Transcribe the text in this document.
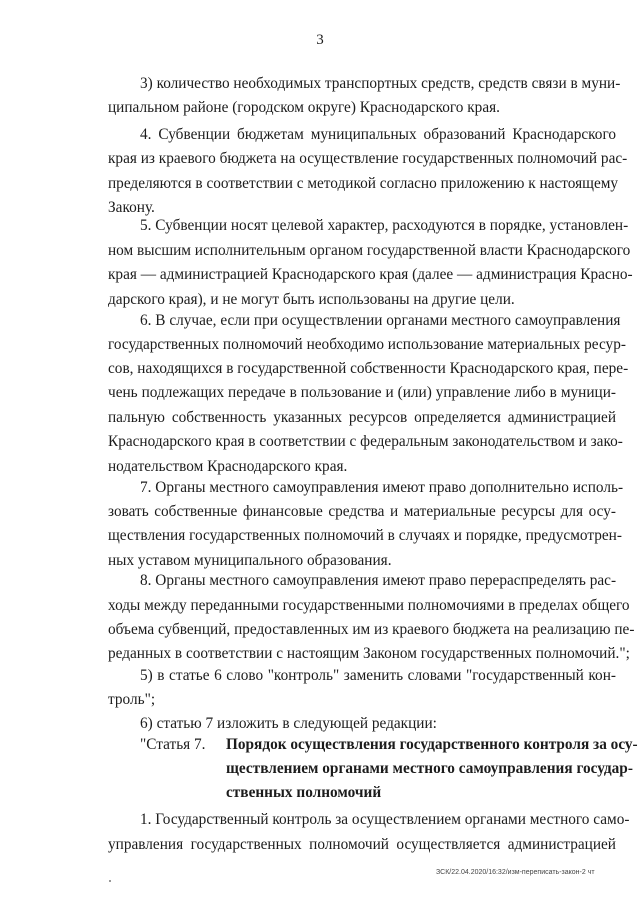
3
3) количество необходимых транспортных средств, средств связи в муни-
ципальном районе (городском округе) Краснодарского края.
4. Субвенции бюджетам муниципальных образований Краснодарского
края из краевого бюджета на осуществление государственных полномочий рас-
пределяются в соответствии с методикой согласно приложению к настоящему
Закону.
5. Субвенции носят целевой характер, расходуются в порядке, установлен-
ном высшим исполнительным органом государственной власти Краснодарского
края — администрацией Краснодарского края (далее — администрация Красно-
дарского края), и не могут быть использованы на другие цели.
6. В случае, если при осуществлении органами местного самоуправления
государственных полномочий необходимо использование материальных ресур-
сов, находящихся в государственной собственности Краснодарского края, пере-
чень подлежащих передаче в пользование и (или) управление либо в муници-
пальную собственность указанных ресурсов определяется администрацией
Краснодарского края в соответствии с федеральным законодательством и зако-
нодательством Краснодарского края.
7. Органы местного самоуправления имеют право дополнительно исполь-
зовать собственные финансовые средства и материальные ресурсы для осу-
ществления государственных полномочий в случаях и порядке, предусмотрен-
ных уставом муниципального образования.
8. Органы местного самоуправления имеют право перераспределять рас-
ходы между переданными государственными полномочиями в пределах общего
объема субвенций, предоставленных им из краевого бюджета на реализацию пе-
реданных в соответствии с настоящим Законом государственных полномочий.";
5) в статье 6 слово "контроль" заменить словами "государственный кон-
троль";
6) статью 7 изложить в следующей редакции:
"Статья 7. Порядок осуществления государственного контроля за осу-
ществлением органами местного самоуправления государ-
ственных полномочий
1. Государственный контроль за осуществлением органами местного само-
управления государственных полномочий осуществляется администрацией
ЗСК/22.04.2020/16:32/изм-переписать-закон-2 чт
